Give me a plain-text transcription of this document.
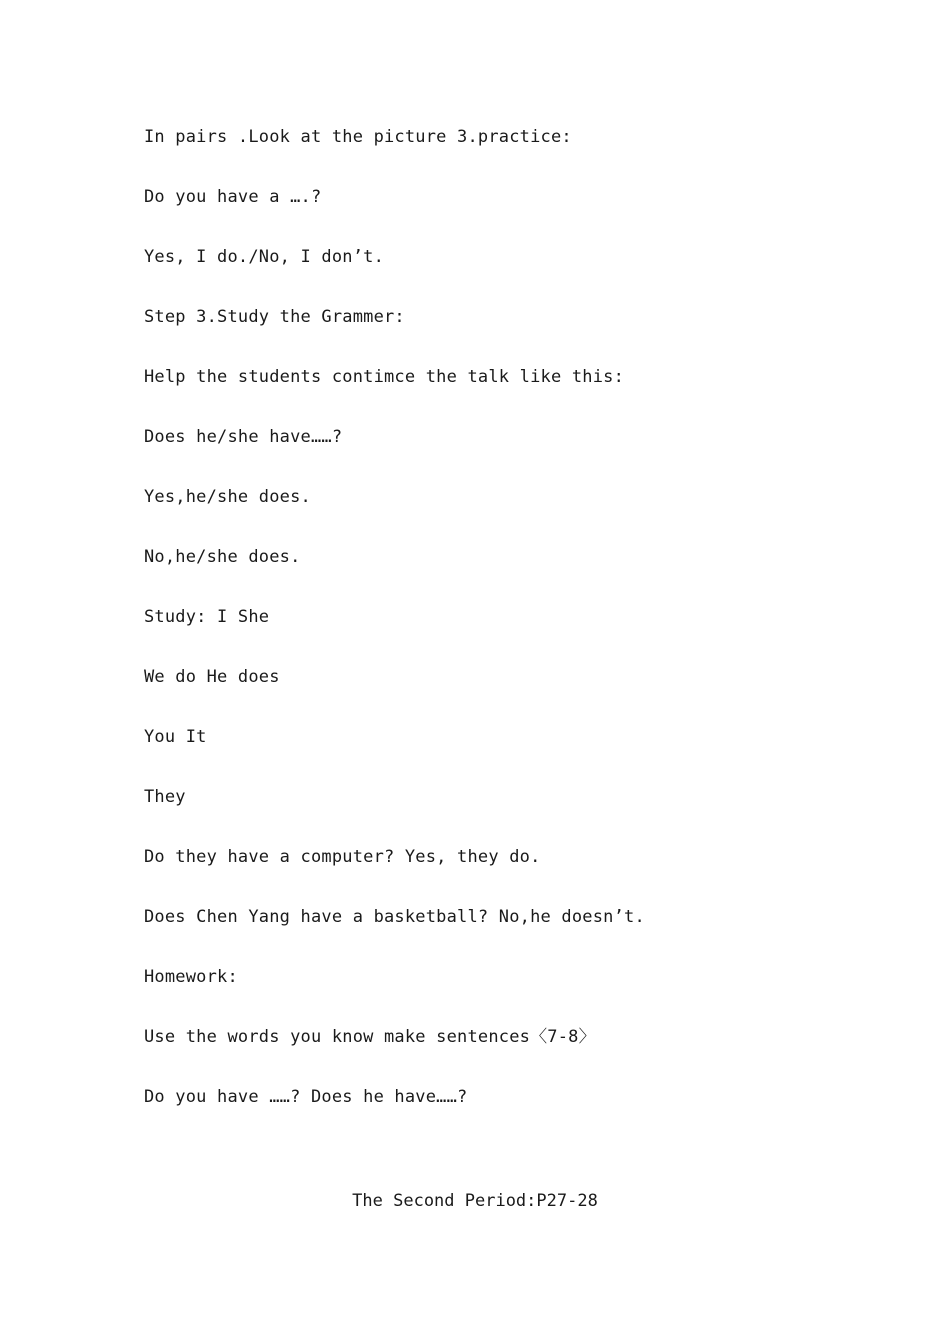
In pairs .Look at the picture 3.practice:
Do you have a ….?
Yes, I do./No, I don’t.
Step 3.Study the Grammer:
Help the students contimce the talk like this:
Does he/she have……?
Yes,he/she does.
No,he/she does.
Study: I She
We do He does
You It
They
Do they have a computer? Yes, they do.
Does Chen Yang have a basketball? No,he doesn’t.
Homework:
Use the words you know make sentences〈7-8〉
Do you have ……? Does he have……?
The Second Period:P27-28
